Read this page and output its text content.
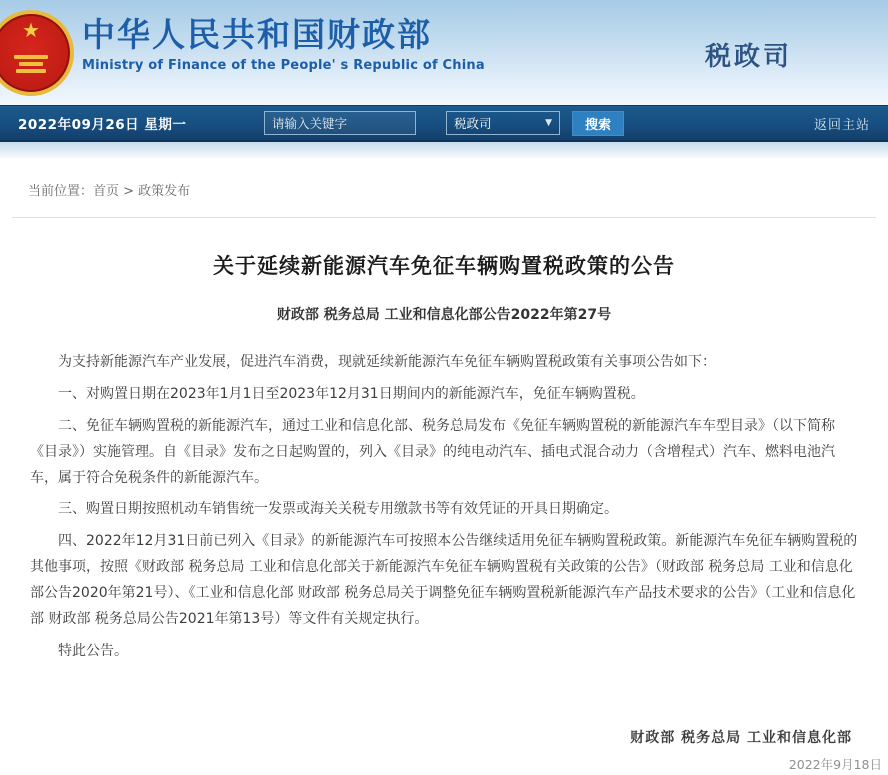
★ 中华人民共和国财政部
Ministry of Finance of the People' s Republic of China	税政司
2022年09月26日 星期一
请输入关键字	税政司	▼	搜索	返回主站
当前位置：首页 > 政策发布
关于延续新能源汽车免征车辆购置税政策的公告
财政部 税务总局 工业和信息化部公告2022年第27号

为支持新能源汽车产业发展，促进汽车消费，现就延续新能源汽车免征车辆购置税政策有关事项公告如下：

一、对购置日期在2023年1月1日至2023年12月31日期间内的新能源汽车，免征车辆购置税。

二、免征车辆购置税的新能源汽车，通过工业和信息化部、税务总局发布《免征车辆购置税的新能源汽车车型目录》（以下简称《目录》）实施管理。自《目录》发布之日起购置的，列入《目录》的纯电动汽车、插电式混合动力（含增程式）汽车、燃料电池汽车，属于符合免税条件的新能源汽车。

三、购置日期按照机动车销售统一发票或海关关税专用缴款书等有效凭证的开具日期确定。

四、2022年12月31日前已列入《目录》的新能源汽车可按照本公告继续适用免征车辆购置税政策。新能源汽车免征车辆购置税的其他事项，按照《财政部 税务总局 工业和信息化部关于新能源汽车免征车辆购置税有关政策的公告》（财政部 税务总局 工业和信息化部公告2020年第21号）、《工业和信息化部 财政部 税务总局关于调整免征车辆购置税新能源汽车产品技术要求的公告》（工业和信息化部 财政部 税务总局公告2021年第13号）等文件有关规定执行。

特此公告。

财政部 税务总局 工业和信息化部
2022年9月18日
